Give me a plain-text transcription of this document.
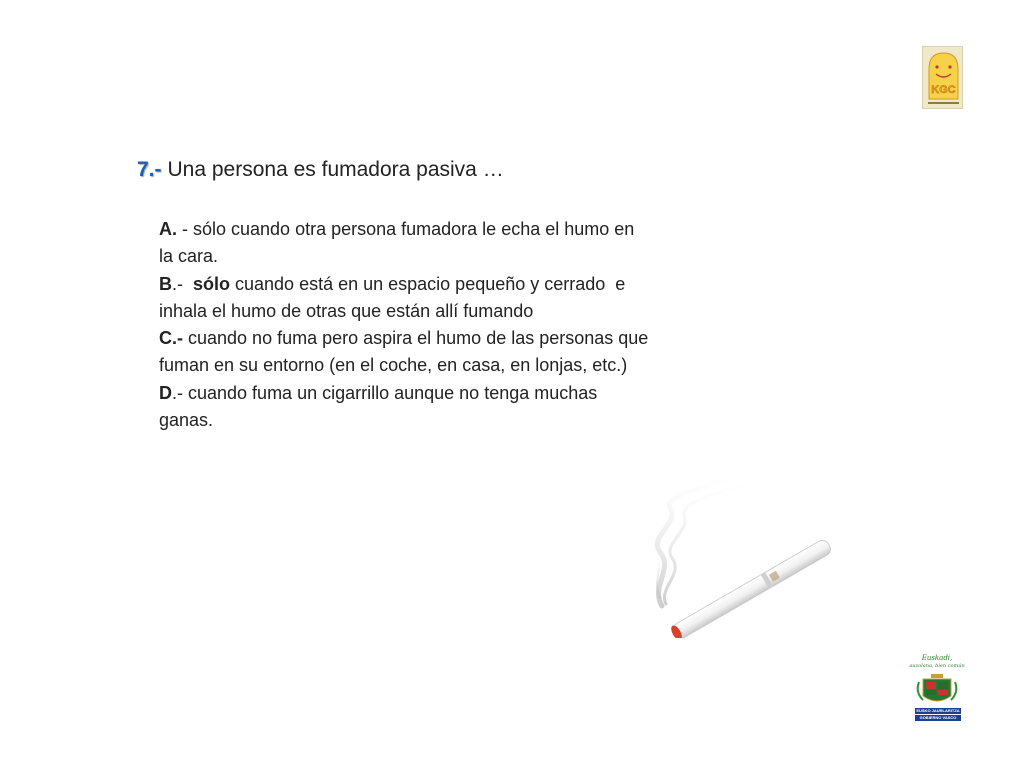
KGC
7.- Una persona es fumadora pasiva …
A. - sólo cuando otra persona fumadora le echa el humo en la cara.
B.-  sólo cuando está en un espacio pequeño y cerrado  e inhala el humo de otras que están allí fumando
C.- cuando no fuma pero aspira el humo de las personas que fuman en su entorno (en el coche, en casa, en lonjas, etc.)
D.- cuando fuma un cigarrillo aunque no tenga muchas ganas.
Euskadi,
auzolana, bien común
EUSKO JAURLARITZA
GOBIERNO VASCO
